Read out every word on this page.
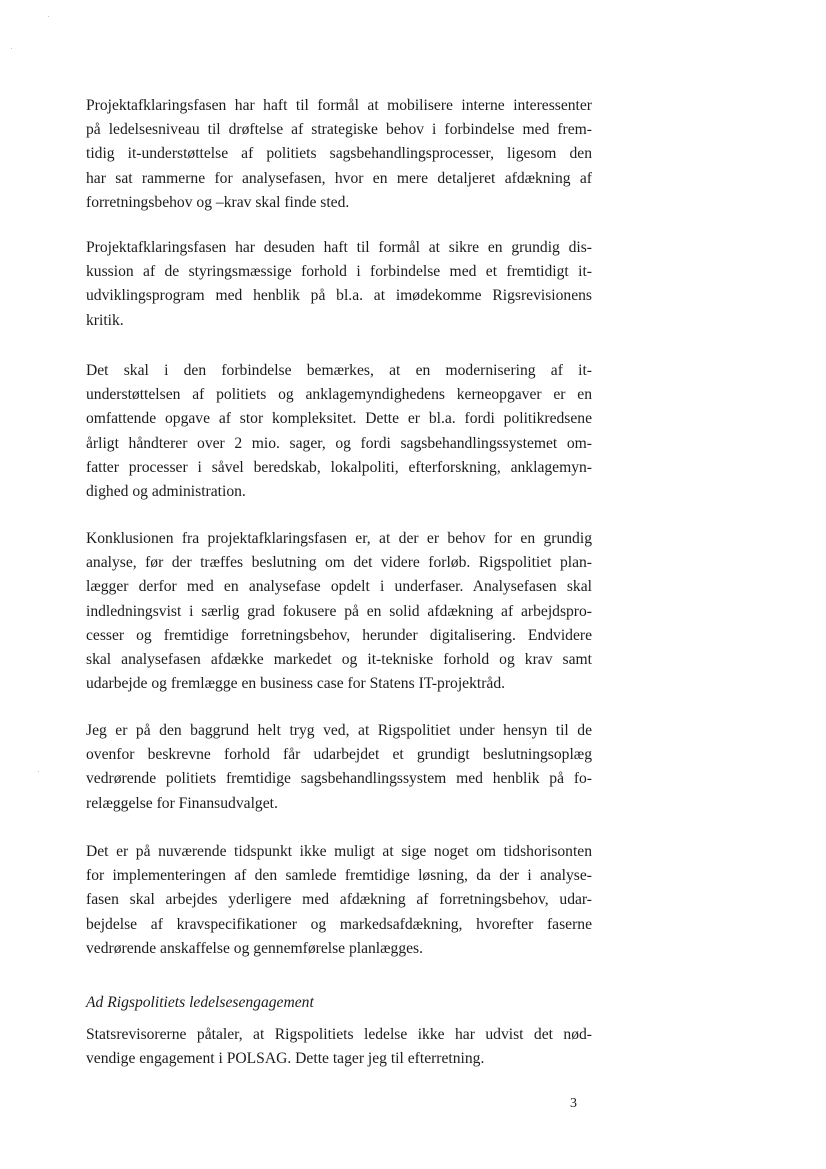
Projektafklaringsfasen har haft til formål at mobilisere interne interessenter
på ledelsesniveau til drøftelse af strategiske behov i forbindelse med frem-
tidig it-understøttelse af politiets sagsbehandlingsprocesser, ligesom den
har sat rammerne for analysefasen, hvor en mere detaljeret afdækning af
forretningsbehov og –krav skal finde sted.
Projektafklaringsfasen har desuden haft til formål at sikre en grundig dis-
kussion af de styringsmæssige forhold i forbindelse med et fremtidigt it-
udviklingsprogram med henblik på bl.a. at imødekomme Rigsrevisionens
kritik.
Det skal i den forbindelse bemærkes, at en modernisering af it-
understøttelsen af politiets og anklagemyndighedens kerneopgaver er en
omfattende opgave af stor kompleksitet. Dette er bl.a. fordi politikredsene
årligt håndterer over 2 mio. sager, og fordi sagsbehandlingssystemet om-
fatter processer i såvel beredskab, lokalpoliti, efterforskning, anklagemyn-
dighed og administration.
Konklusionen fra projektafklaringsfasen er, at der er behov for en grundig
analyse, før der træffes beslutning om det videre forløb. Rigspolitiet plan-
lægger derfor med en analysefase opdelt i underfaser. Analysefasen skal
indledningsvist i særlig grad fokusere på en solid afdækning af arbejdspro-
cesser og fremtidige forretningsbehov, herunder digitalisering. Endvidere
skal analysefasen afdække markedet og it-tekniske forhold og krav samt
udarbejde og fremlægge en business case for Statens IT-projektråd.
Jeg er på den baggrund helt tryg ved, at Rigspolitiet under hensyn til de
ovenfor beskrevne forhold får udarbejdet et grundigt beslutningsoplæg
vedrørende politiets fremtidige sagsbehandlingssystem med henblik på fo-
relæggelse for Finansudvalget.
Det er på nuværende tidspunkt ikke muligt at sige noget om tidshorisonten
for implementeringen af den samlede fremtidige løsning, da der i analyse-
fasen skal arbejdes yderligere med afdækning af forretningsbehov, udar-
bejdelse af kravspecifikationer og markedsafdækning, hvorefter faserne
vedrørende anskaffelse og gennemførelse planlægges.

Ad Rigspolitiets ledelsesengagement

Statsrevisorerne påtaler, at Rigspolitiets ledelse ikke har udvist det nød-
vendige engagement i POLSAG. Dette tager jeg til efterretning.

3
